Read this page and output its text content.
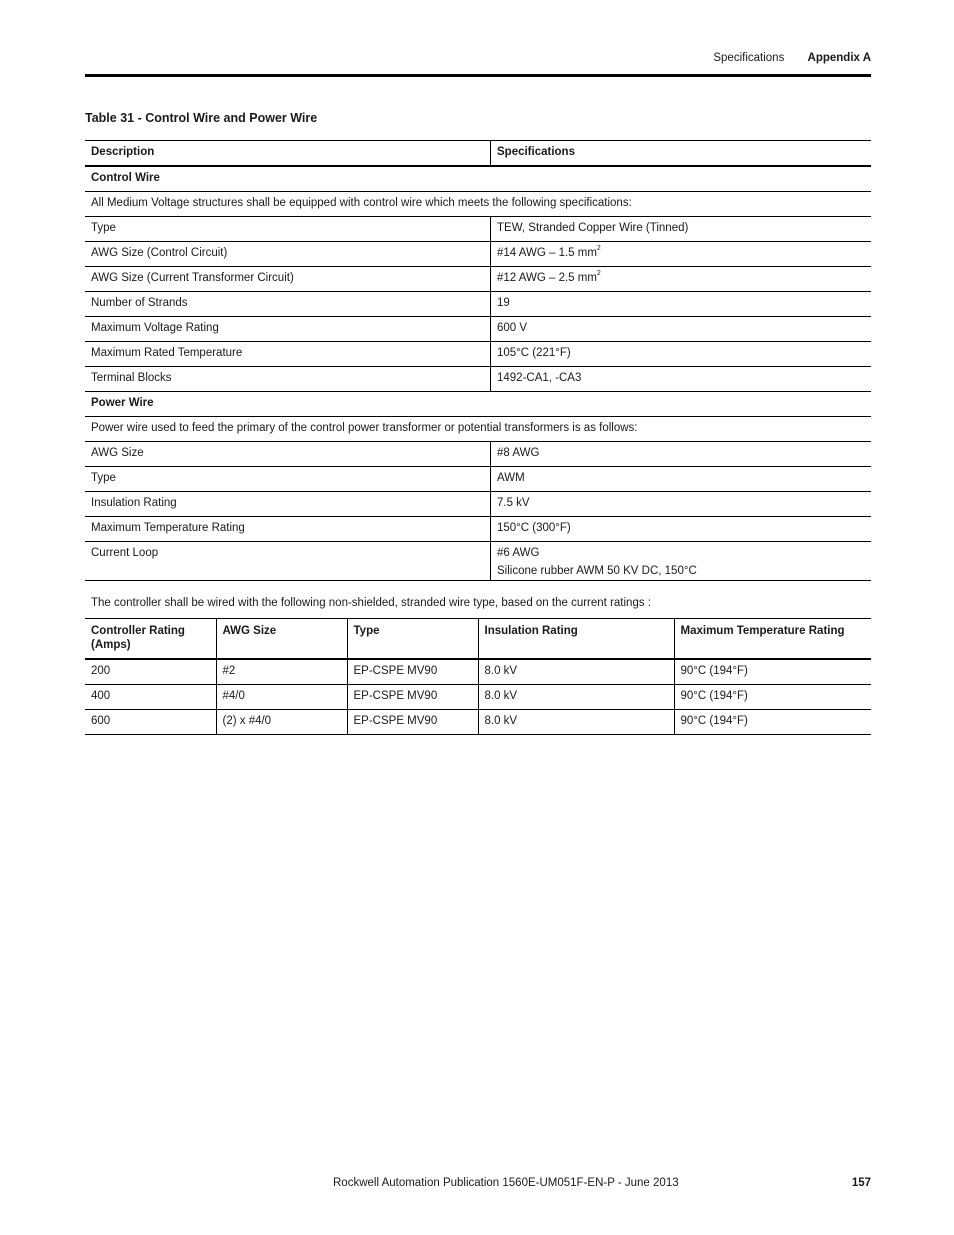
Specifications Appendix A
Table 31 - Control Wire and Power Wire
Description	Specifications
Control Wire	
All Medium Voltage structures shall be equipped with control wire which meets the following specifications:	
Type	TEW, Stranded Copper Wire (Tinned)
AWG Size (Control Circuit)	#14 AWG – 1.5 $mm^2$
AWG Size (Current Transformer Circuit)	#12 AWG – 2.5 $mm^2$
Number of Strands	19
Maximum Voltage Rating	600 V
Maximum Rated Temperature	105°C (221°F)
Terminal Blocks	1492-CA1, -CA3
Power Wire	
Power wire used to feed the primary of the control power transformer or potential transformers is as follows:	
AWG Size	#8 AWG
Type	AWM
Insulation Rating	7.5 kV
Maximum Temperature Rating	150°C (300°F)
Current Loop	#6 AWG
Silicone rubber AWM 50 KV DC, 150°C
The controller shall be wired with the following non-shielded, stranded wire type, based on the current ratings :
Controller Rating
(Amps)	AWG Size	Type	Insulation Rating	Maximum Temperature Rating
200	#2	EP-CSPE MV90	8.0 kV	90°C (194°F)
400	#4/0	EP-CSPE MV90	8.0 kV	90°C (194°F)
600	(2) x #4/0	EP-CSPE MV90	8.0 kV	90°C (194°F)
Rockwell Automation Publication 1560E-UM051F-EN-P - June 2013	157
